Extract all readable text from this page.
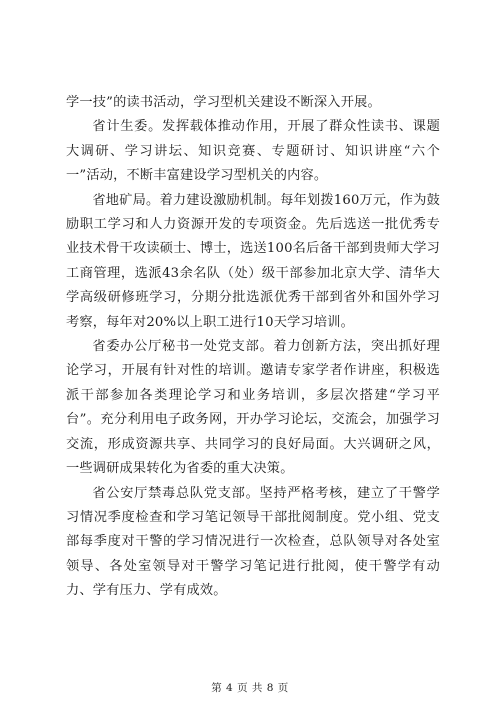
学一技”的读书活动，学习型机关建设不断深入开展。

省计生委。发挥载体推动作用，开展了群众性读书、课题大调研、学习讲坛、知识竞赛、专题研讨、知识讲座“六个一”活动，不断丰富建设学习型机关的内容。

省地矿局。着力建设激励机制。每年划拨160万元，作为鼓励职工学习和人力资源开发的专项资金。先后选送一批优秀专业技术骨干攻读硕士、博士，选送100名后备干部到贵师大学习工商管理，选派43余名队（处）级干部参加北京大学、清华大学高级研修班学习，分期分批选派优秀干部到省外和国外学习考察，每年对20%以上职工进行10天学习培训。

省委办公厅秘书一处党支部。着力创新方法，突出抓好理论学习，开展有针对性的培训。邀请专家学者作讲座，积极选派干部参加各类理论学习和业务培训，多层次搭建“学习平台”。充分利用电子政务网，开办学习论坛，交流会，加强学习交流，形成资源共享、共同学习的良好局面。大兴调研之风，一些调研成果转化为省委的重大决策。

省公安厅禁毒总队党支部。坚持严格考核，建立了干警学习情况季度检查和学习笔记领导干部批阅制度。党小组、党支部每季度对干警的学习情况进行一次检查，总队领导对各处室领导、各处室领导对干警学习笔记进行批阅，使干警学有动力、学有压力、学有成效。

第 4 页 共 8 页
